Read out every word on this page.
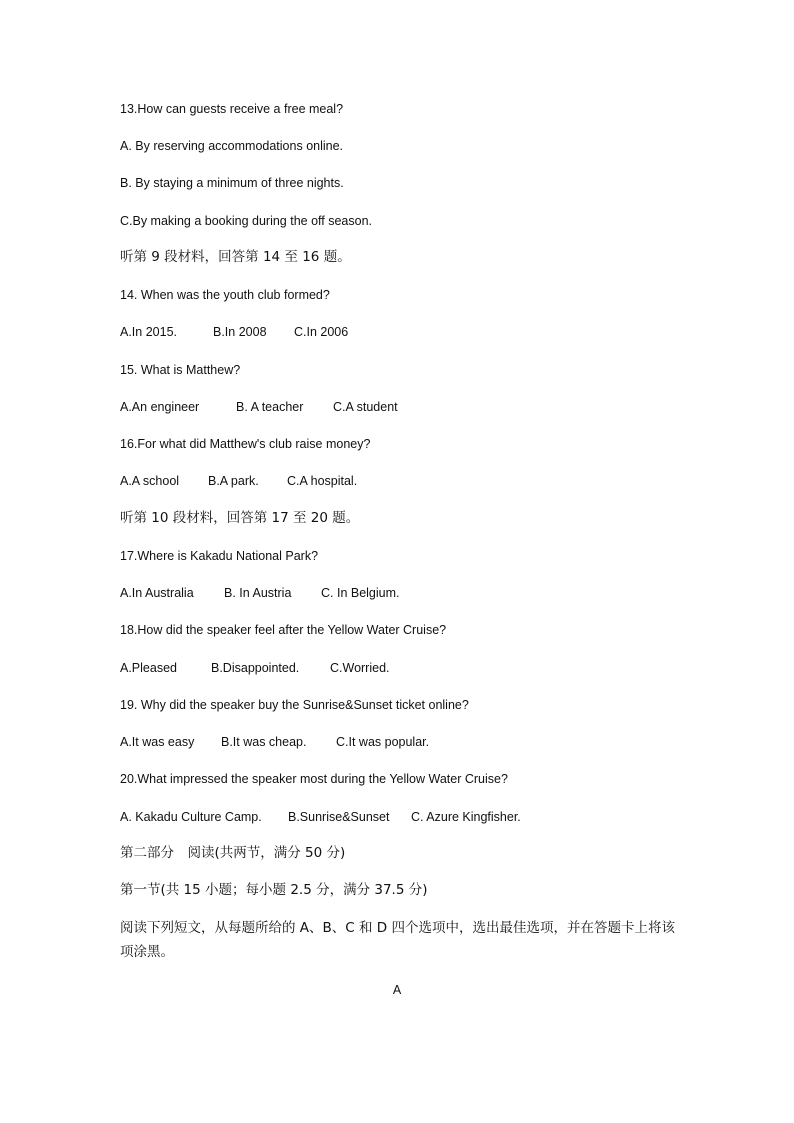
13.How can guests receive a free meal?
A. By reserving accommodations online.
B. By staying a minimum of three nights.
C.By making a booking during the off season.
听第 9 段材料，回答第 14 至 16 题。
14. When was the youth club formed?
A.In 2015.	B.In 2008 C.In 2006
15. What is Matthew?
A.An engineer	B. A teacher C.A student
16.For what did Matthew's club raise money?
A.A school B.A park. C.A hospital.
听第 10 段材料，回答第 17 至 20 题。
17.Where is Kakadu National Park?
A.In Australia B. In Austria C. In Belgium.
18.How did the speaker feel after the Yellow Water Cruise?
A.Pleased	B.Disappointed. C.Worried.
19. Why did the speaker buy the Sunrise&Sunset ticket online?
A.It was easy B.It was cheap. C.It was popular.
20.What impressed the speaker most during the Yellow Water Cruise?
A. Kakadu Culture Camp. B.Sunrise&Sunset C. Azure Kingfisher.
第二部分　阅读(共两节，满分 50 分)
第一节(共 15 小题；每小题 2.5 分，满分 37.5 分)
阅读下列短文，从每题所给的 A、B、C 和 D 四个选项中，选出最佳选项，并在答题卡上将该项涂黑。
A
